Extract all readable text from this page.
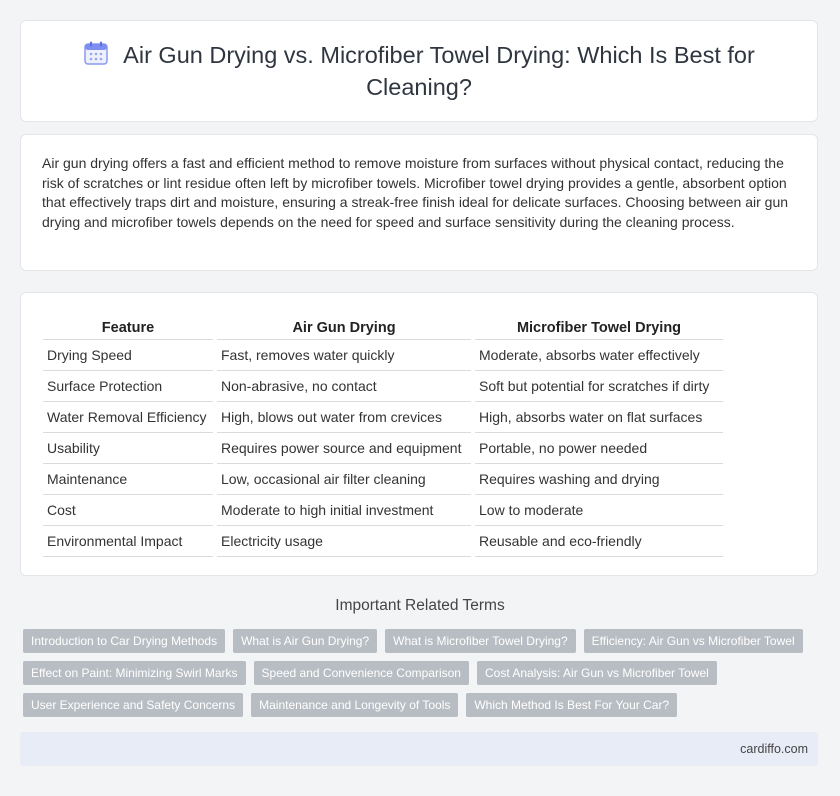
Air Gun Drying vs. Microfiber Towel Drying: Which Is Best for Cleaning?

Air gun drying offers a fast and efficient method to remove moisture from surfaces without physical contact, reducing the risk of scratches or lint residue often left by microfiber towels. Microfiber towel drying provides a gentle, absorbent option that effectively traps dirt and moisture, ensuring a streak-free finish ideal for delicate surfaces. Choosing between air gun drying and microfiber towels depends on the need for speed and surface sensitivity during the cleaning process.

Feature	Air Gun Drying	Microfiber Towel Drying
Drying Speed	Fast, removes water quickly	Moderate, absorbs water effectively
Surface Protection	Non-abrasive, no contact	Soft but potential for scratches if dirty
Water Removal Efficiency	High, blows out water from crevices	High, absorbs water on flat surfaces
Usability	Requires power source and equipment	Portable, no power needed
Maintenance	Low, occasional air filter cleaning	Requires washing and drying
Cost	Moderate to high initial investment	Low to moderate
Environmental Impact	Electricity usage	Reusable and eco-friendly
Important Related Terms
Introduction to Car Drying Methods	What is Air Gun Drying?	What is Microfiber Towel Drying?	Efficiency: Air Gun vs Microfiber Towel
Effect on Paint: Minimizing Swirl Marks	Speed and Convenience Comparison	Cost Analysis: Air Gun vs Microfiber Towel
User Experience and Safety Concerns	Maintenance and Longevity of Tools	Which Method Is Best For Your Car?
cardiffo.com
